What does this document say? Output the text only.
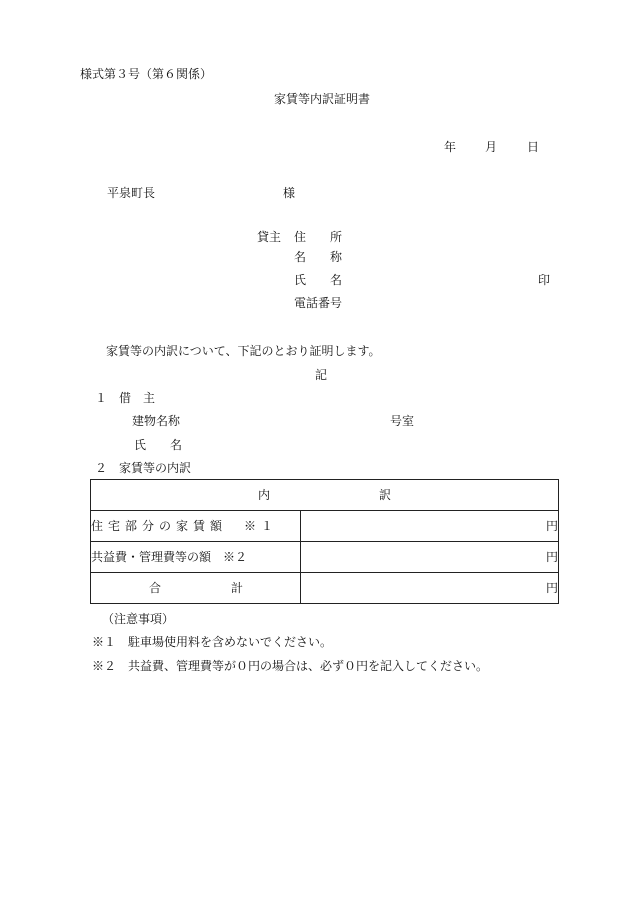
様式第３号（第６関係）
家賃等内訳証明書
年 月 日
平泉町長	様
貸主 住　　所
名　　称
氏　　名	印
電話番号
家賃等の内訳について、下記のとおり証明します。
記
１　借　主
建物名称	号室
氏　　名
２　家賃等の内訳
内 訳	

住宅部分の家賃額　※１	円
共益費・管理費等の額　※２	円

合 計	円
（注意事項）
※１　駐車場使用料を含めないでください。
※２　共益費、管理費等が０円の場合は、必ず０円を記入してください。
